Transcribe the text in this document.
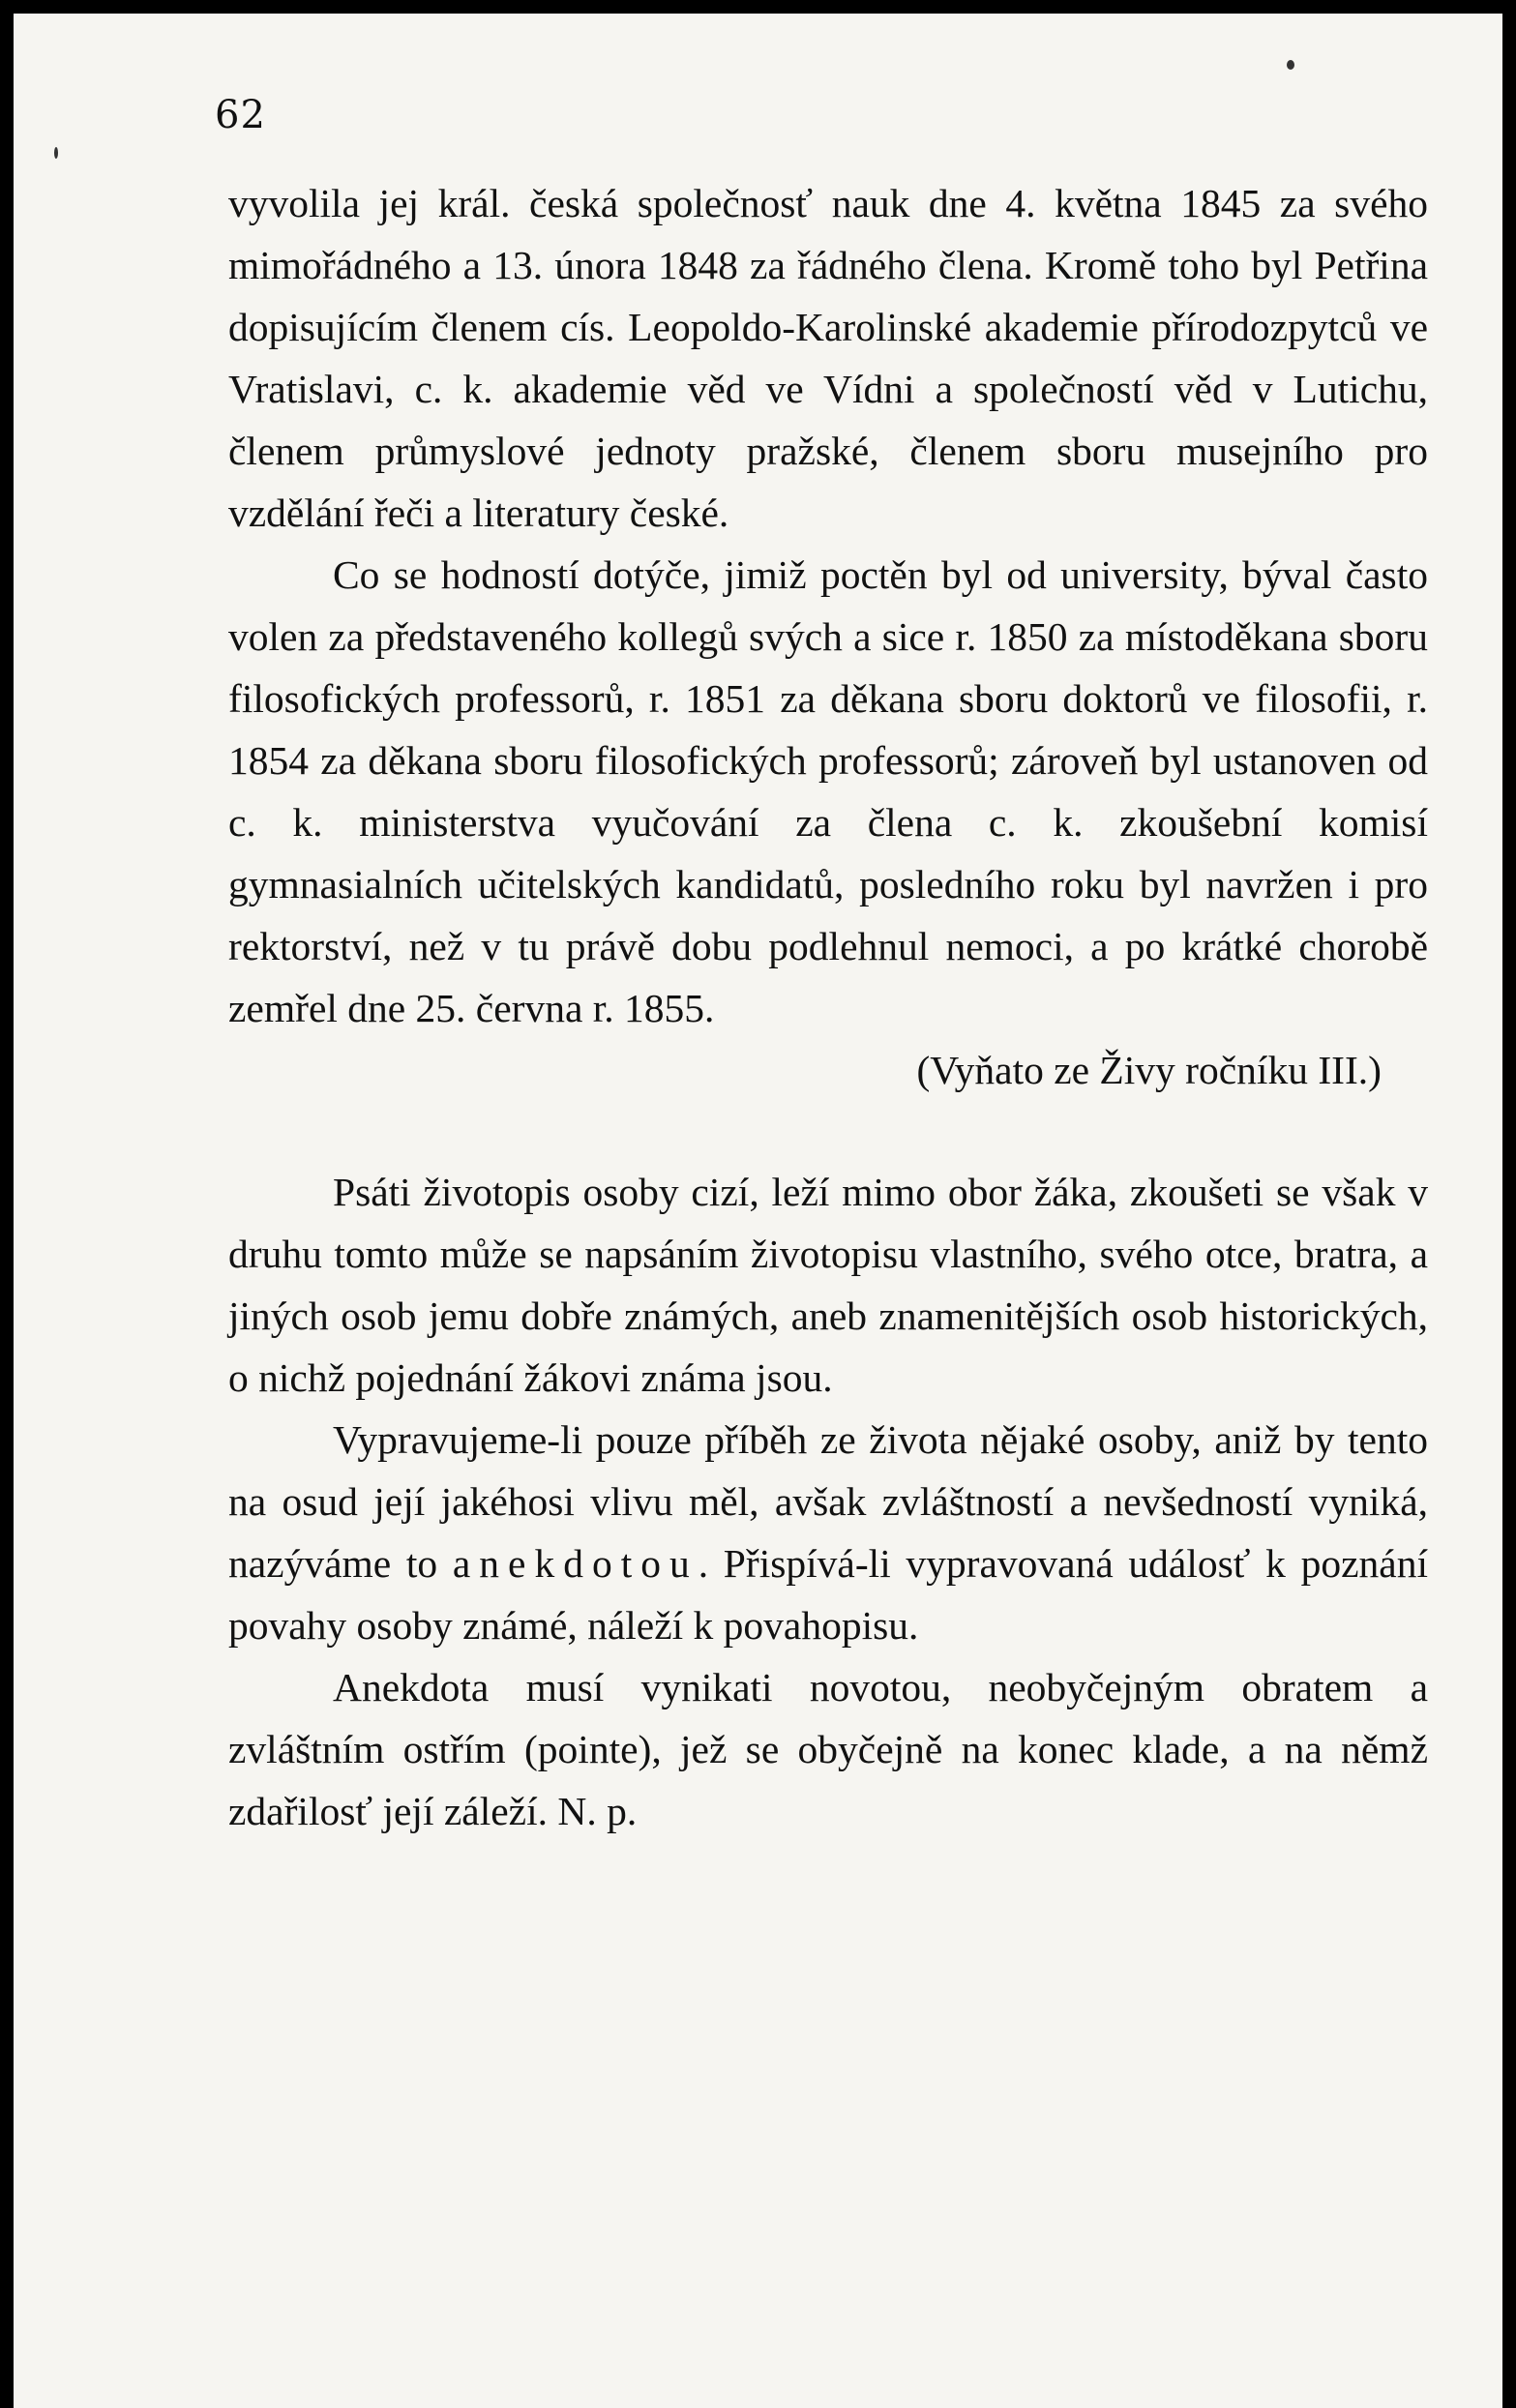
62

vyvolila jej král. česká společnosť nauk dne 4. května 1845 za svého mimořádného a 13. února 1848 za řádného člena. Kromě toho byl Petřina dopisujícím členem cís. Leopoldo-Karolinské akademie přírodozpytců ve Vratislavi, c. k. akademie věd ve Vídni a společností věd v Lutichu, členem průmyslové jednoty pražské, členem sboru musejního pro vzdělání řeči a literatury české.

Co se hodností dotýče, jimiž poctěn byl od university, býval často volen za představeného kollegů svých a sice r. 1850 za místoděkana sboru filosofických professorů, r. 1851 za děkana sboru doktorů ve filosofii, r. 1854 za děkana sboru filosofických professorů; zároveň byl ustanoven od c. k. ministerstva vyučování za člena c. k. zkoušební komisí gymnasialních učitelských kandidatů, posledního roku byl navržen i pro rektorství, než v tu právě dobu podlehnul nemoci, a po krátké chorobě zemřel dne 25. června r. 1855.

(Vyňato ze Živy ročníku III.)

Psáti životopis osoby cizí, leží mimo obor žáka, zkoušeti se však v druhu tomto může se napsáním životopisu vlastního, svého otce, bratra, a jiných osob jemu dobře známých, aneb znamenitějších osob historických, o nichž pojednání žákovi známa jsou.

Vypravujeme-li pouze příběh ze života nějaké osoby, aniž by tento na osud její jakéhosi vlivu měl, avšak zvláštností a nevšedností vyniká, nazýváme to anekdotou. Přispívá-li vypravovaná událosť k poznání povahy osoby známé, náleží k povahopisu.

Anekdota musí vynikati novotou, neobyčejným obratem a zvláštním ostřím (pointe), jež se obyčejně na konec klade, a na němž zdařilosť její záleží. N. p.
